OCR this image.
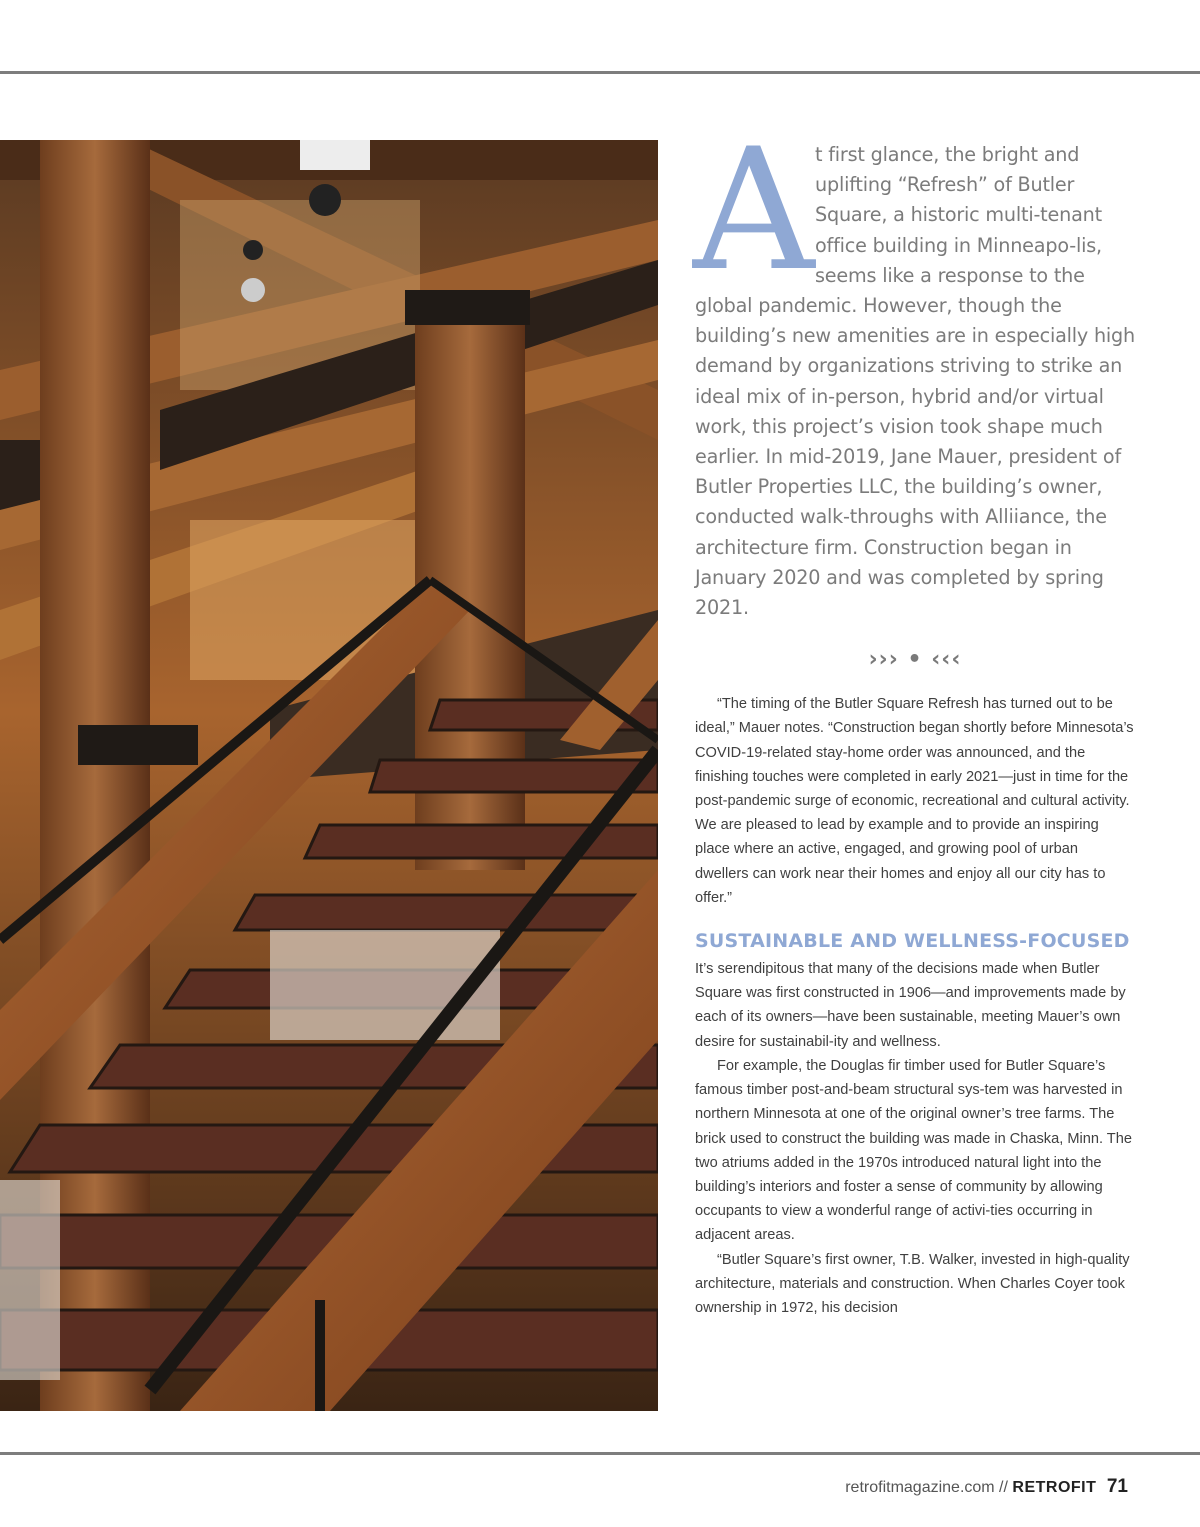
A t first glance, the bright and uplifting “Refresh” of Butler Square, a historic multi-tenant office building in Minneapo-lis, seems like a response to the global pandemic. However, though the building’s new amenities are in especially high demand by organizations striving to strike an ideal mix of in-person, hybrid and/or virtual work, this project’s vision took shape much earlier. In mid-2019, Jane Mauer, president of Butler Properties LLC, the building’s owner, conducted walk-throughs with Alliiance, the architecture firm. Construction began in January 2020 and was completed by spring 2021.
››› • ‹‹‹

“The timing of the Butler Square Refresh has turned out to be ideal,” Mauer notes. “Construction began shortly before Minnesota’s COVID-19-related stay-home order was announced, and the finishing touches were completed in early 2021—just in time for the post-pandemic surge of economic, recreational and cultural activity. We are pleased to lead by example and to provide an inspiring place where an active, engaged, and growing pool of urban dwellers can work near their homes and enjoy all our city has to offer.”

SUSTAINABLE AND WELLNESS-FOCUSED

It’s serendipitous that many of the decisions made when Butler Square was first constructed in 1906—and improvements made by each of its owners—have been sustainable, meeting Mauer’s own desire for sustainabil-ity and wellness.

For example, the Douglas fir timber used for Butler Square’s famous timber post-and-beam structural sys-tem was harvested in northern Minnesota at one of the original owner’s tree farms. The brick used to construct the building was made in Chaska, Minn. The two atriums added in the 1970s introduced natural light into the building’s interiors and foster a sense of community by allowing occupants to view a wonderful range of activi-ties occurring in adjacent areas.

“Butler Square’s first owner, T.B. Walker, invested in high-quality architecture, materials and construction. When Charles Coyer took ownership in 1972, his decision

retrofitmagazine.com // RETROFIT 71
